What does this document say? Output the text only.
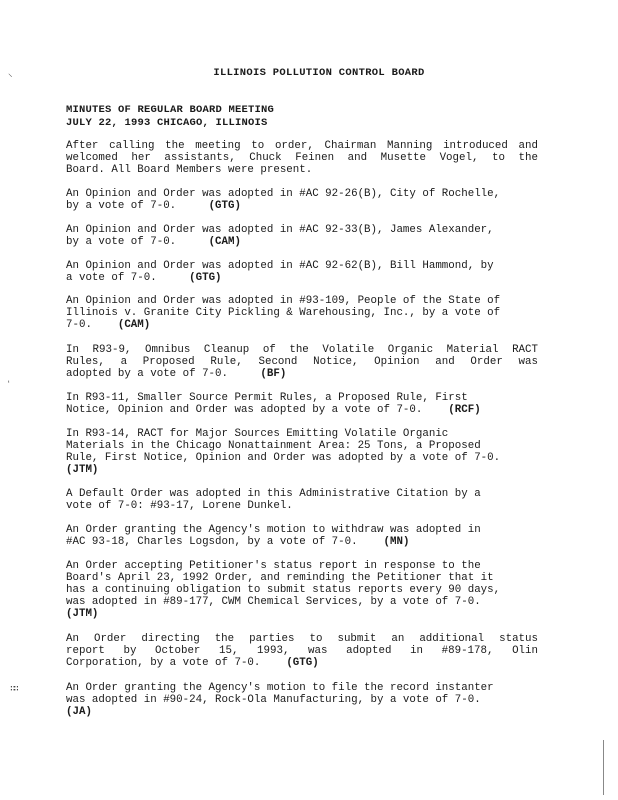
ILLINOIS POLLUTION CONTROL BOARD
MINUTES OF REGULAR BOARD MEETING
JULY 22, 1993 CHICAGO, ILLINOIS
After calling the meeting to order, Chairman Manning introduced and
welcomed her assistants, Chuck Feinen and Musette Vogel, to the
Board. All Board Members were present.
An Opinion and Order was adopted in #AC 92-26(B), City of Rochelle,
by a vote of 7-0.	(GTG)
An Opinion and Order was adopted in #AC 92-33(B), James Alexander,
by a vote of 7-0.	(CAM)
An Opinion and Order was adopted in #AC 92-62(B), Bill Hammond, by
a vote of 7-0.	(GTG)
An Opinion and Order was adopted in #93-109, People of the State of
Illinois v. Granite City Pickling & Warehousing, Inc., by a vote of
7-0. (CAM)
In R93-9, Omnibus Cleanup of the Volatile Organic Material RACT
Rules, a Proposed Rule, Second Notice, Opinion and Order was
adopted by a vote of 7-0.	(BF)
In R93-11, Smaller Source Permit Rules, a Proposed Rule, First
Notice, Opinion and Order was adopted by a vote of 7-0. (RCF)
In R93-14, RACT for Major Sources Emitting Volatile Organic
Materials in the Chicago Nonattainment Area: 25 Tons, a Proposed
Rule, First Notice, Opinion and Order was adopted by a vote of 7-0.
(JTM)
A Default Order was adopted in this Administrative Citation by a
vote of 7-0: #93-17, Lorene Dunkel.
An Order granting the Agency's motion to withdraw was adopted in
#AC 93-18, Charles Logsdon, by a vote of 7-0. (MN)
An Order accepting Petitioner's status report in response to the
Board's April 23, 1992 Order, and reminding the Petitioner that it
has a continuing obligation to submit status reports every 90 days,
was adopted in #89-177, CWM Chemical Services, by a vote of 7-0.
(JTM)
An Order directing the parties to submit an additional status
report by October 15, 1993, was adopted in #89-178, Olin
Corporation, by a vote of 7-0. (GTG)
An Order granting the Agency's motion to file the record instanter
was adopted in #90-24, Rock-Ola Manufacturing, by a vote of 7-0.
(JA)
⸌
ʻ
∷∷
